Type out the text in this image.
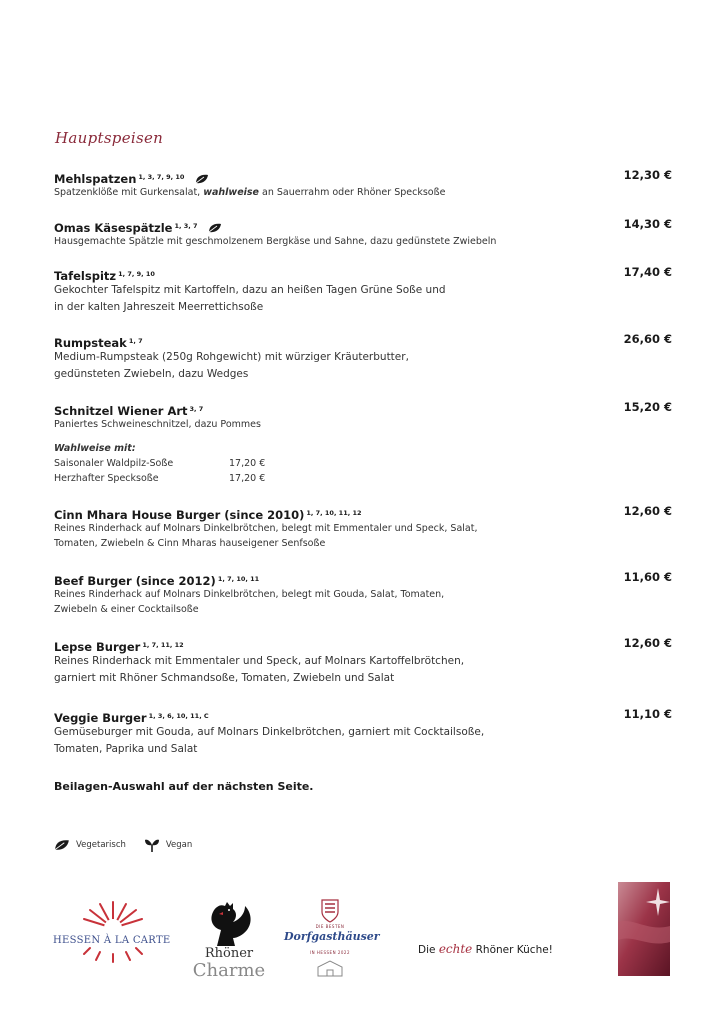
Hauptspeisen
Mehlspatzen $^{1, 3, 7, 9, 10}$	12,30 €
Spatzenklöße mit Gurkensalat, wahlweise an Sauerrahm oder Rhöner Specksoße
Omas Käsespätzle $^{1, 3, 7}$	14,30 €
Hausgemachte Spätzle mit geschmolzenem Bergkäse und Sahne, dazu gedünstete Zwiebeln
Tafelspitz $^{1, 7, 9, 10}$	17,40 €
Gekochter Tafelspitz mit Kartoffeln, dazu an heißen Tagen Grüne Soße und
in der kalten Jahreszeit Meerrettichsoße
Rumpsteak $^{1, 7}$	26,60 €
Medium-Rumpsteak (250g Rohgewicht) mit würziger Kräuterbutter,
gedünsteten Zwiebeln, dazu Wedges
Schnitzel Wiener Art $^{3, 7}$	15,20 €
Paniertes Schweineschnitzel, dazu Pommes
Wahlweise mit:
Saisonaler Waldpilz-Soße	17,20 €
Herzhafter Specksoße	17,20 €
Cinn Mhara House Burger (since 2010) $^{1, 7, 10, 11, 12}$	12,60 €
Reines Rinderhack auf Molnars Dinkelbrötchen, belegt mit Emmentaler und Speck, Salat,
Tomaten, Zwiebeln & Cinn Mharas hauseigener Senfsoße
Beef Burger (since 2012) $^{1, 7, 10, 11}$	11,60 €
Reines Rinderhack auf Molnars Dinkelbrötchen, belegt mit Gouda, Salat, Tomaten,
Zwiebeln & einer Cocktailsoße
Lepse Burger $^{1, 7, 11, 12}$	12,60 €
Reines Rinderhack mit Emmentaler und Speck, auf Molnars Kartoffelbrötchen,
garniert mit Rhöner Schmandsoße, Tomaten, Zwiebeln und Salat
Veggie Burger $^{1, 3, 6, 10, 11, C}$	11,10 €
Gemüseburger mit Gouda, auf Molnars Dinkelbrötchen, garniert mit Cocktailsoße,
Tomaten, Paprika und Salat
Beilagen-Auswahl auf der nächsten Seite.
Vegetarisch	Vegan
HESSEN À LA CARTE
Rhöner
Charme
DIE BESTEN
Dorfgasthäuser
IN HESSEN 2022	Die echte Rhöner Küche!
